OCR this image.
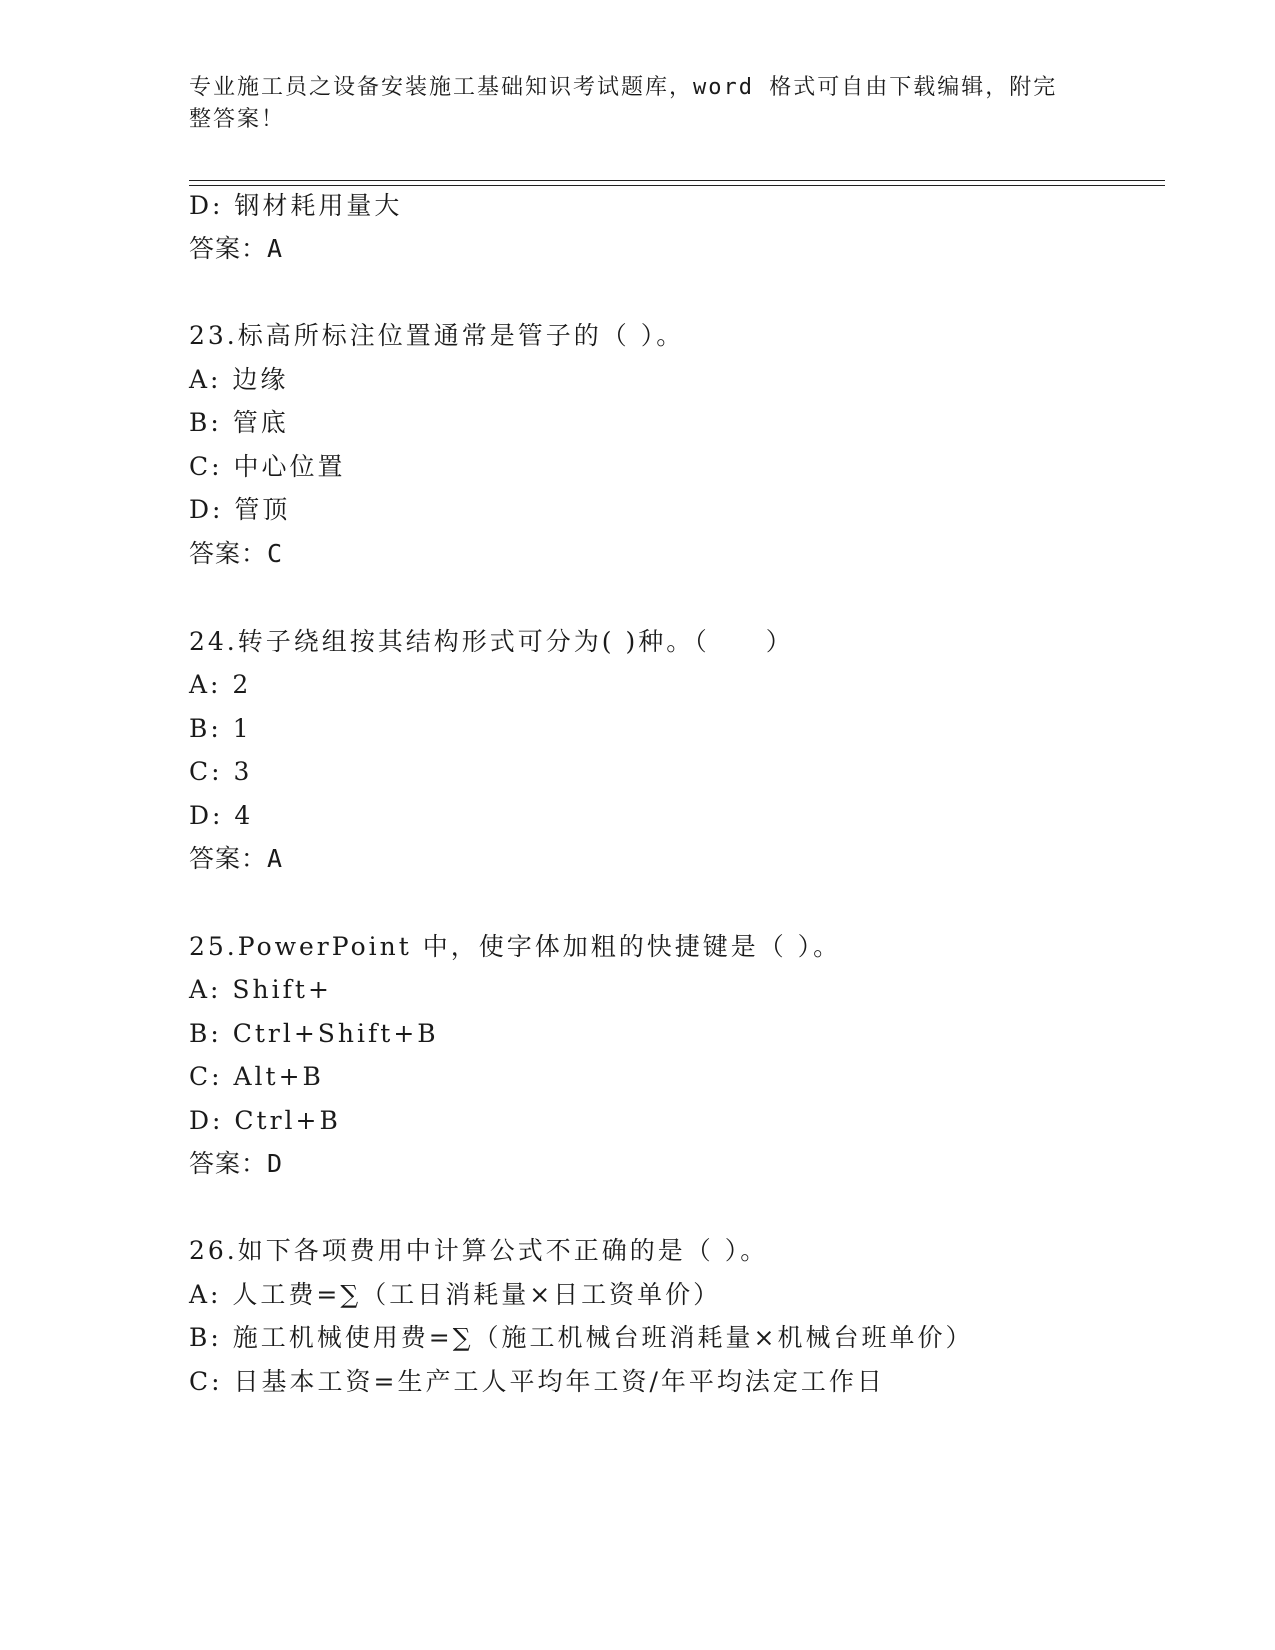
专业施工员之设备安装施工基础知识考试题库，word 格式可自由下载编辑，附完
整答案！
D: 钢材耗用量大
答案：A
23.标高所标注位置通常是管子的（ ）。
A: 边缘
B: 管底
C: 中心位置
D: 管顶
答案：C
24.转子绕组按其结构形式可分为( )种。（　　）
A: 2
B: 1
C: 3
D: 4
答案：A
25.PowerPoint 中，使字体加粗的快捷键是（ ）。
A: Shift+
B: Ctrl+Shift+B
C: Alt+B
D: Ctrl+B
答案：D
26.如下各项费用中计算公式不正确的是（ ）。
A: 人工费=∑（工日消耗量×日工资单价）
B: 施工机械使用费=∑（施工机械台班消耗量×机械台班单价）
C: 日基本工资=生产工人平均年工资/年平均法定工作日
